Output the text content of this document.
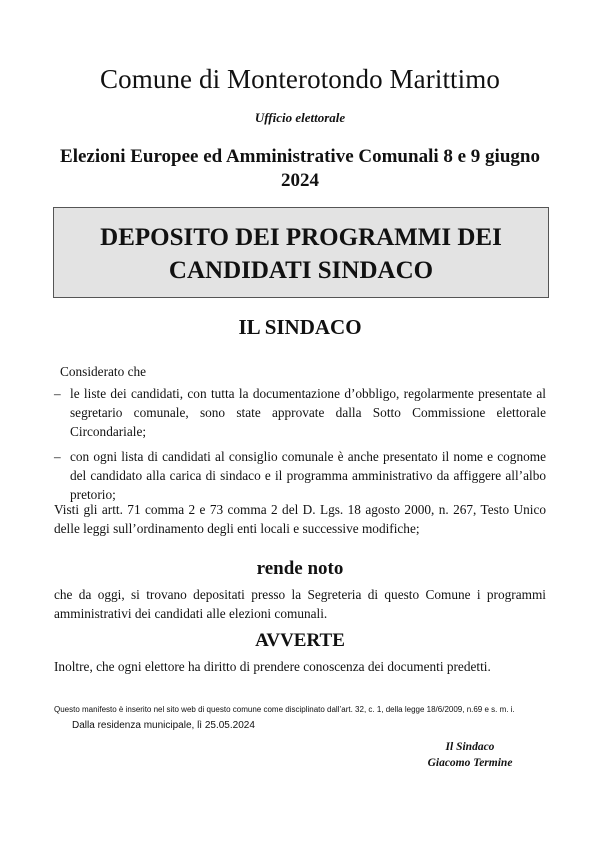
Comune di Monterotondo Marittimo
Ufficio elettorale
Elezioni Europee ed Amministrative Comunali 8 e 9 giugno 2024
DEPOSITO DEI PROGRAMMI DEI CANDIDATI SINDACO
IL SINDACO
Considerato che
– le liste dei candidati, con tutta la documentazione d’obbligo, regolarmente presentate al segretario comunale, sono state approvate dalla Sotto Commissione elettorale Circondariale;
– con ogni lista di candidati al consiglio comunale è anche presentato il nome e cognome del candidato alla carica di sindaco e il programma amministrativo da affiggere all’albo pretorio;
Visti gli artt. 71 comma 2 e 73 comma 2 del D. Lgs. 18 agosto 2000, n. 267, Testo Unico delle leggi sull’ordinamento degli enti locali e successive modifiche;
rende noto
che da oggi, si trovano depositati presso la Segreteria di questo Comune i programmi amministrativi dei candidati alle elezioni comunali.
AVVERTE
Inoltre, che ogni elettore ha diritto di prendere conoscenza dei documenti predetti.
Questo manifesto è inserito nel sito web di questo comune come disciplinato dall’art. 32, c. 1, della legge 18/6/2009, n.69 e s. m. i.
Dalla residenza municipale, lì 25.05.2024
Il Sindaco
Giacomo Termine
